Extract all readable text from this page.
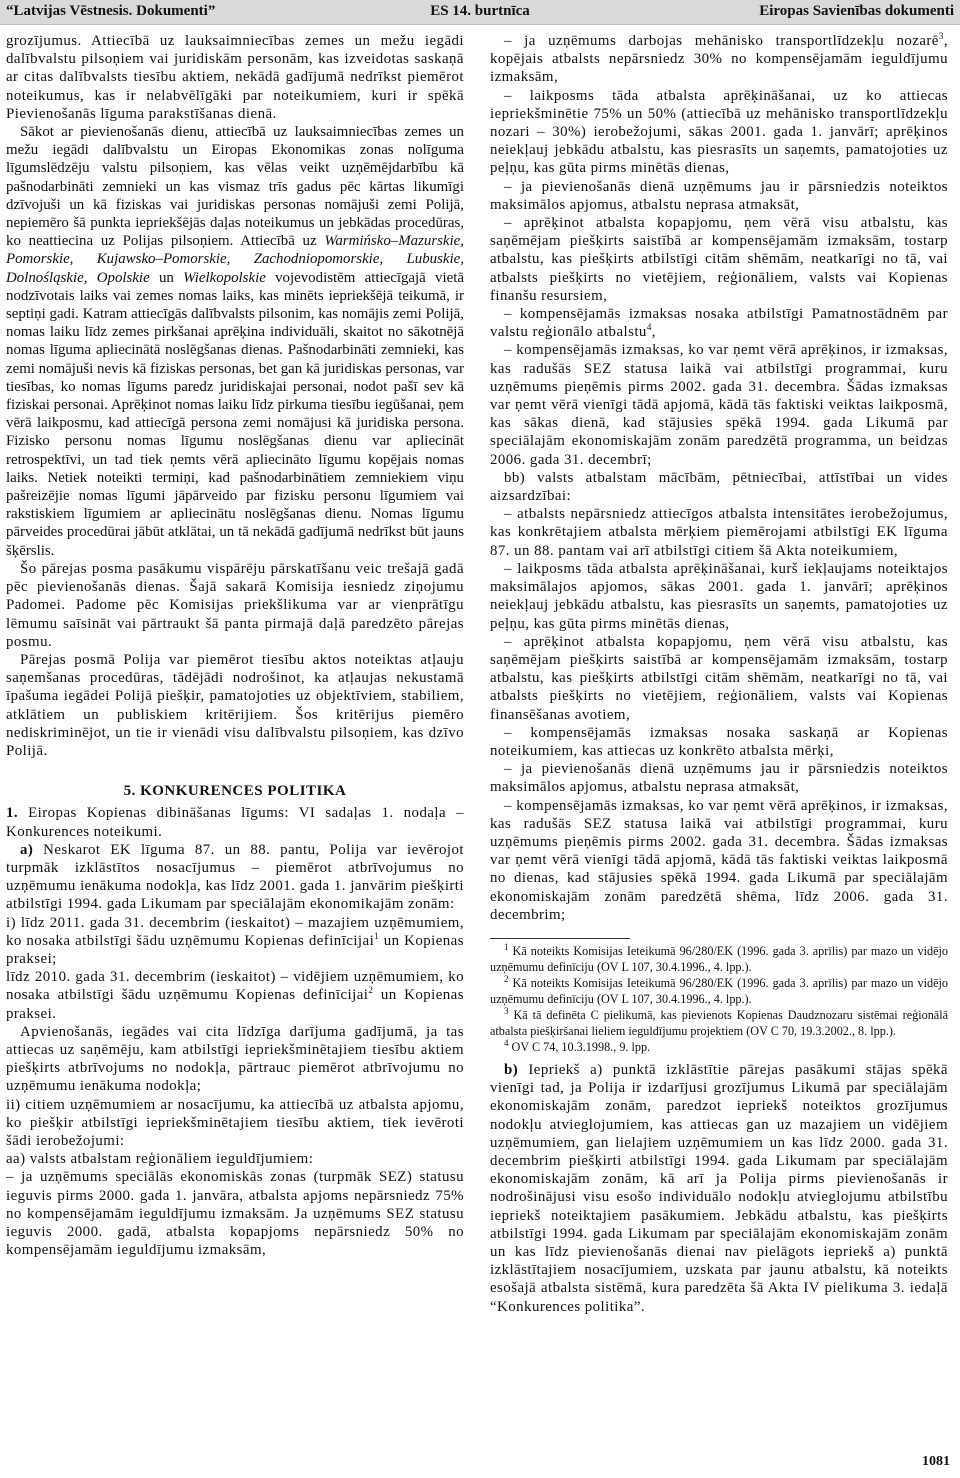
“Latvijas Vēstnesis. Dokumenti”	ES 14. burtnīca	Eiropas Savienības dokumenti

grozījumus. Attiecībā uz lauksaimniecības zemes un mežu iegādi dalībvalstu pilsoņiem vai juridiskām personām, kas izveidotas saskaņā ar citas dalībvalsts tiesību aktiem, nekādā gadījumā nedrīkst piemērot noteikumus, kas ir nelabvēlīgāki par noteikumiem, kuri ir spēkā Pievienošanās līguma parakstīšanas dienā.

Sākot ar pievienošanās dienu, attiecībā uz lauksaimniecības zemes un mežu iegādi dalībvalstu un Eiropas Ekonomikas zonas nolīguma līgumslēdzēju valstu pilsoņiem, kas vēlas veikt uzņēmējdarbību kā pašnodarbināti zemnieki un kas vismaz trīs gadus pēc kārtas likumīgi dzīvojuši un kā fiziskas vai juridiskas personas nomājuši zemi Polijā, nepiemēro šā punkta iepriekšējās daļas noteikumus un jebkādas procedūras, ko neattiecina uz Polijas pilsoņiem. Attiecībā uz Warmińsko–Mazurskie, Pomorskie, Kujawsko–Pomorskie, Zachodniopomorskie, Lubuskie, Dolnośląskie, Opolskie un Wielkopolskie vojevodistēm attiecīgajā vietā nodzīvotais laiks vai zemes nomas laiks, kas minēts iepriekšējā teikumā, ir septiņi gadi. Katram attiecīgās dalībvalsts pilsonim, kas nomājis zemi Polijā, nomas laiku līdz zemes pirkšanai aprēķina individuāli, skaitot no sākotnējā nomas līguma apliecinātā noslēgšanas dienas. Pašnodarbināti zemnieki, kas zemi nomājuši nevis kā fiziskas personas, bet gan kā juridiskas personas, var tiesības, ko nomas līgums paredz juridiskajai personai, nodot pašī sev kā fiziskai personai. Aprēķinot nomas laiku līdz pirkuma tiesību iegūšanai, ņem vērā laikposmu, kad attiecīgā persona zemi nomājusi kā juridiska persona. Fizisko personu nomas līgumu noslēgšanas dienu var apliecināt retrospektīvi, un tad tiek ņemts vērā apliecināto līgumu kopējais nomas laiks. Netiek noteikti termiņi, kad pašnodarbinātiem zemniekiem viņu pašreizējie nomas līgumi jāpārveido par fizisku personu līgumiem vai rakstiskiem līgumiem ar apliecinātu noslēgšanas dienu. Nomas līgumu pārveides procedūrai jābūt atklātai, un tā nekādā gadījumā nedrīkst būt jauns šķērslis.

Šo pārejas posma pasākumu vispārēju pārskatīšanu veic trešajā gadā pēc pievienošanās dienas. Šajā sakarā Komisija iesniedz ziņojumu Padomei. Padome pēc Komisijas priekšlikuma var ar vienprātīgu lēmumu saīsināt vai pārtraukt šā panta pirmajā daļā paredzēto pārejas posmu.

Pārejas posmā Polija var piemērot tiesību aktos noteiktas atļauju saņemšanas procedūras, tādējādi nodrošinot, ka atļaujas nekustamā īpašuma iegādei Polijā piešķir, pamatojoties uz objektīviem, stabiliem, atklātiem un publiskiem kritērijiem. Šos kritērijus piemēro nediskriminējot, un tie ir vienādi visu dalībvalstu pilsoņiem, kas dzīvo Polijā.

5. KONKURENCES POLITIKA

1. Eiropas Kopienas dibināšanas līgums: VI sadaļas 1. nodaļa – Konkurences noteikumi.

a) Neskarot EK līguma 87. un 88. pantu, Polija var ievērojot turpmāk izklāstītos nosacījumus – piemērot atbrīvojumus no uzņēmumu ienākuma nodokļa, kas līdz 2001. gada 1. janvārim piešķirti atbilstīgi 1994. gada Likumam par speciālajām ekonomikajām zonām:

i) līdz 2011. gada 31. decembrim (ieskaitot) – mazajiem uzņēmumiem, ko nosaka atbilstīgi šādu uzņēmumu Kopienas definīcijai$^1$ un Kopienas praksei;

līdz 2010. gada 31. decembrim (ieskaitot) – vidējiem uzņēmumiem, ko nosaka atbilstīgi šādu uzņēmumu Kopienas definīcijai$^2$ un Kopienas praksei.

Apvienošanās, iegādes vai cita līdzīga darījuma gadījumā, ja tas attiecas uz saņēmēju, kam atbilstīgi iepriekšminētajiem tiesību aktiem piešķirts atbrīvojums no nodokļa, pārtrauc piemērot atbrīvojumu no uzņēmumu ienākuma nodokļa;

ii) citiem uzņēmumiem ar nosacījumu, ka attiecībā uz atbalsta apjomu, ko piešķir atbilstīgi iepriekšminētajiem tiesību aktiem, tiek ievēroti šādi ierobežojumi:

aa) valsts atbalstam reģionāliem ieguldījumiem:

– ja uzņēmums speciālās ekonomiskās zonas (turpmāk SEZ) statusu ieguvis pirms 2000. gada 1. janvāra, atbalsta apjoms nepārsniedz 75% no kompensējamām ieguldījumu izmaksām. Ja uzņēmums SEZ statusu ieguvis 2000. gadā, atbalsta kopapjoms nepārsniedz 50% no kompensējamām ieguldījumu izmaksām,

– ja uzņēmums darbojas mehānisko transportlīdzekļu nozarē$^3$, kopējais atbalsts nepārsniedz 30% no kompensējamām ieguldījumu izmaksām,

– laikposms tāda atbalsta aprēķināšanai, uz ko attiecas iepriekšminētie 75% un 50% (attiecībā uz mehānisko transportlīdzekļu nozari – 30%) ierobežojumi, sākas 2001. gada 1. janvārī; aprēķinos neiekļauj jebkādu atbalstu, kas piesrasīts un saņemts, pamatojoties uz peļņu, kas gūta pirms minētās dienas,

– ja pievienošanās dienā uzņēmums jau ir pārsniedzis noteiktos maksimālos apjomus, atbalstu neprasa atmaksāt,

– aprēķinot atbalsta kopapjomu, ņem vērā visu atbalstu, kas saņēmējam piešķirts saistībā ar kompensējamām izmaksām, tostarp atbalstu, kas piešķirts atbilstīgi citām shēmām, neatkarīgi no tā, vai atbalsts piešķirts no vietējiem, reģionāliem, valsts vai Kopienas finanšu resursiem,

– kompensējamās izmaksas nosaka atbilstīgi Pamatnostādnēm par valstu reģionālo atbalstu$^4$,

– kompensējamās izmaksas, ko var ņemt vērā aprēķinos, ir izmaksas, kas radušās SEZ statusa laikā vai atbilstīgi programmai, kuru uzņēmums pieņēmis pirms 2002. gada 31. decembra. Šādas izmaksas var ņemt vērā vienīgi tādā apjomā, kādā tās faktiski veiktas laikposmā, kas sākas dienā, kad stājusies spēkā 1994. gada Likumā par speciālajām ekonomiskajām zonām paredzētā programma, un beidzas 2006. gada 31. decembrī;

bb) valsts atbalstam mācībām, pētniecībai, attīstībai un vides aizsardzībai:

– atbalsts nepārsniedz attiecīgos atbalsta intensitātes ierobežojumus, kas konkrētajiem atbalsta mērķiem piemērojami atbilstīgi EK līguma 87. un 88. pantam vai arī atbilstīgi citiem šā Akta noteikumiem,

– laikposms tāda atbalsta aprēķināšanai, kurš iekļaujams noteiktajos maksimālajos apjomos, sākas 2001. gada 1. janvārī; aprēķinos neiekļauj jebkādu atbalstu, kas piesrasīts un saņemts, pamatojoties uz peļņu, kas gūta pirms minētās dienas,

– aprēķinot atbalsta kopapjomu, ņem vērā visu atbalstu, kas saņēmējam piešķirts saistībā ar kompensējamām izmaksām, tostarp atbalstu, kas piešķirts atbilstīgi citām shēmām, neatkarīgi no tā, vai atbalsts piešķirts no vietējiem, reģionāliem, valsts vai Kopienas finansēšanas avotiem,

– kompensējamās izmaksas nosaka saskaņā ar Kopienas noteikumiem, kas attiecas uz konkrēto atbalsta mērķi,

– ja pievienošanās dienā uzņēmums jau ir pārsniedzis noteiktos maksimālos apjomus, atbalstu neprasa atmaksāt,

– kompensējamās izmaksas, ko var ņemt vērā aprēķinos, ir izmaksas, kas radušās SEZ statusa laikā vai atbilstīgi programmai, kuru uzņēmums pieņēmis pirms 2002. gada 31. decembra. Šādas izmaksas var ņemt vērā vienīgi tādā apjomā, kādā tās faktiski veiktas laikposmā no dienas, kad stājusies spēkā 1994. gada Likumā par speciālajām ekonomiskajām zonām paredzētā shēma, līdz 2006. gada 31. decembrim;

$^1$ Kā noteikts Komisijas Ieteikumā 96/280/EK (1996. gada 3. aprīlis) par mazo un vidējo uzņēmumu definīciju (OV L 107, 30.4.1996., 4. lpp.).

$^2$ Kā noteikts Komisijas Ieteikumā 96/280/EK (1996. gada 3. aprīlis) par mazo un vidējo uzņēmumu definīciju (OV L 107, 30.4.1996., 4. lpp.).

$^3$ Kā tā definēta C pielikumā, kas pievienots Kopienas Daudznozaru sistēmai reģionālā atbalsta piešķiršanai lieliem ieguldījumu projektiem (OV C 70, 19.3.2002., 8. lpp.).

$^4$ OV C 74, 10.3.1998., 9. lpp.

b) Iepriekš a) punktā izklāstītie pārejas pasākumi stājas spēkā vienīgi tad, ja Polija ir izdarījusi grozījumus Likumā par speciālajām ekonomiskajām zonām, paredzot iepriekš noteiktos grozījumus nodokļu atvieglojumiem, kas attiecas gan uz mazajiem un vidējiem uzņēmumiem, gan lielajiem uzņēmumiem un kas līdz 2000. gada 31. decembrim piešķirti atbilstīgi 1994. gada Likumam par speciālajām ekonomiskajām zonām, kā arī ja Polija pirms pievienošanās ir nodrošinājusi visu esošo individuālo nodokļu atvieglojumu atbilstību iepriekš noteiktajiem pasākumiem. Jebkādu atbalstu, kas piešķirts atbilstīgi 1994. gada Likumam par speciālajām ekonomiskajām zonām un kas līdz pievienošanās dienai nav pielāgots iepriekš a) punktā izklāstītajiem nosacījumiem, uzskata par jaunu atbalstu, kā noteikts esošajā atbalsta sistēmā, kura paredzēta šā Akta IV pielikuma 3. iedaļā “Konkurences politika”.

1081
